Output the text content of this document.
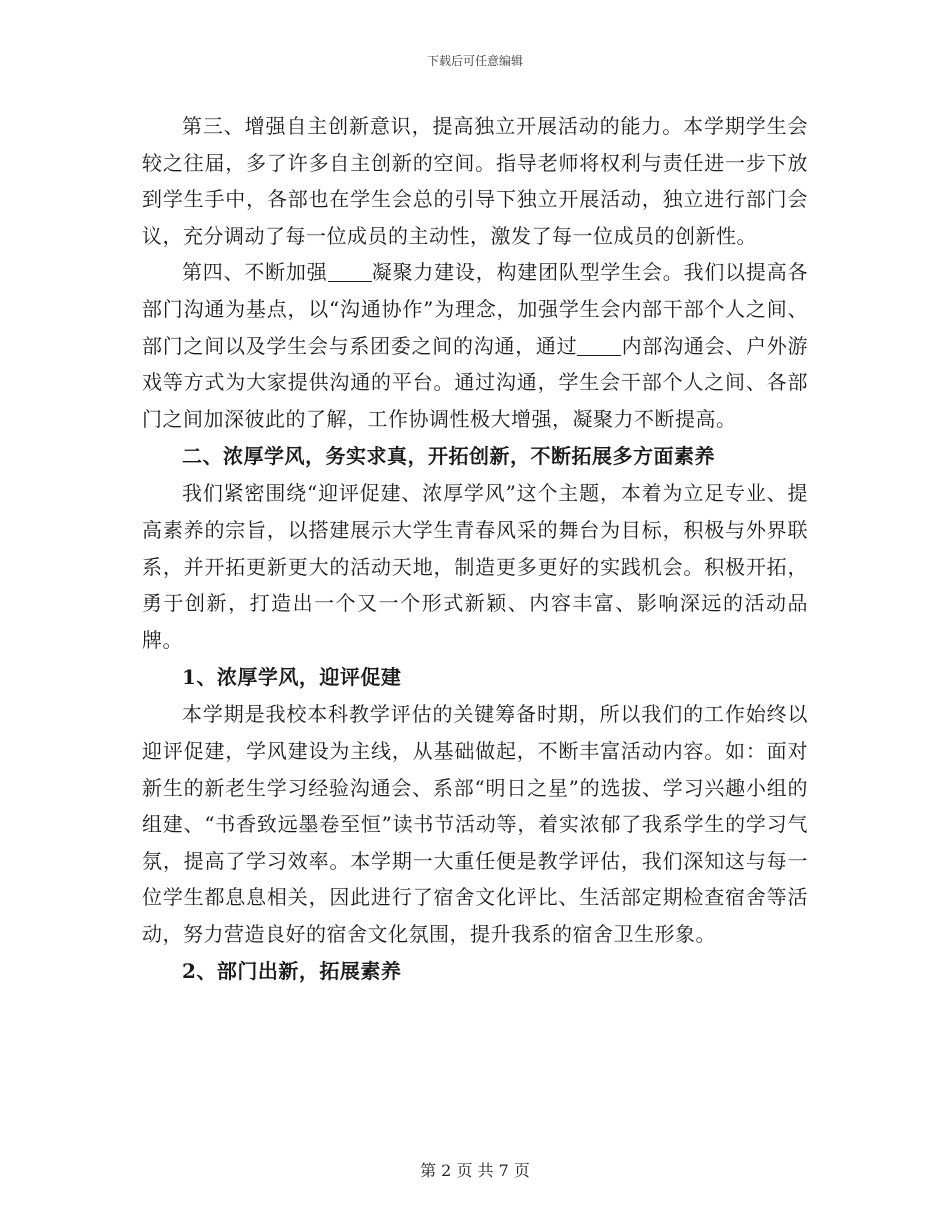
下载后可任意编辑

第三、增强自主创新意识，提高独立开展活动的能力。本学期学生会较之往届，多了许多自主创新的空间。指导老师将权利与责任进一步下放到学生手中，各部也在学生会总的引导下独立开展活动，独立进行部门会议，充分调动了每一位成员的主动性，激发了每一位成员的创新性。

第四、不断加强 凝聚力建设，构建团队型学生会。我们以提高各部门沟通为基点，以“沟通协作”为理念，加强学生会内部干部个人之间、部门之间以及学生会与系团委之间的沟通，通过 内部沟通会、户外游戏等方式为大家提供沟通的平台。通过沟通，学生会干部个人之间、各部门之间加深彼此的了解，工作协调性极大增强，凝聚力不断提高。

二、浓厚学风，务实求真，开拓创新，不断拓展多方面素养

我们紧密围绕“迎评促建、浓厚学风”这个主题，本着为立足专业、提高素养的宗旨，以搭建展示大学生青春风采的舞台为目标，积极与外界联系，并开拓更新更大的活动天地，制造更多更好的实践机会。积极开拓，勇于创新，打造出一个又一个形式新颖、内容丰富、影响深远的活动品牌。

1、浓厚学风，迎评促建

本学期是我校本科教学评估的关键筹备时期，所以我们的工作始终以迎评促建，学风建设为主线，从基础做起，不断丰富活动内容。如：面对新生的新老生学习经验沟通会、系部“明日之星”的选拔、学习兴趣小组的组建、“书香致远墨卷至恒”读书节活动等，着实浓郁了我系学生的学习气氛，提高了学习效率。本学期一大重任便是教学评估，我们深知这与每一位学生都息息相关，因此进行了宿舍文化评比、生活部定期检查宿舍等活动，努力营造良好的宿舍文化氛围，提升我系的宿舍卫生形象。

2、部门出新，拓展素养

第 2 页 共 7 页
